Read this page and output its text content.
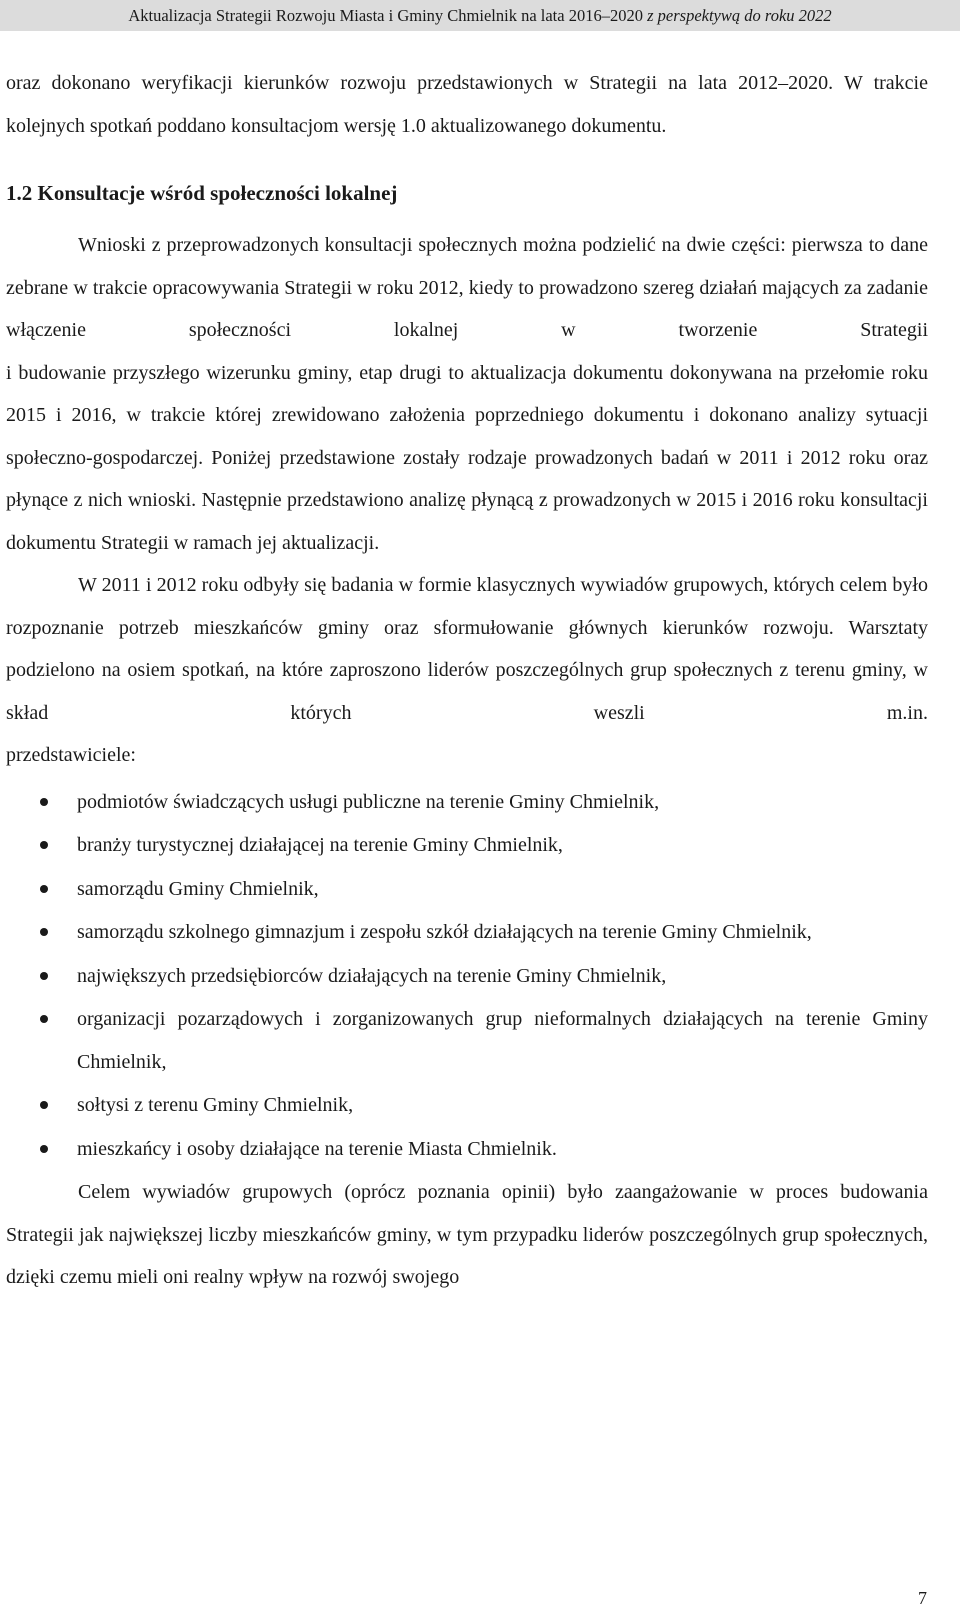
Aktualizacja Strategii Rozwoju Miasta i Gminy Chmielnik na lata 2016–2020 z perspektywą do roku 2022

oraz dokonano weryfikacji kierunków rozwoju przedstawionych w Strategii na lata 2012–2020. W trakcie kolejnych spotkań poddano konsultacjom wersję 1.0 aktualizowanego dokumentu.

1.2 Konsultacje wśród społeczności lokalnej

Wnioski z przeprowadzonych konsultacji społecznych można podzielić na dwie części: pierwsza to dane zebrane w trakcie opracowywania Strategii w roku 2012, kiedy to prowadzono szereg działań mających za zadanie włączenie społeczności lokalnej w tworzenie Strategii

i budowanie przyszłego wizerunku gminy, etap drugi to aktualizacja dokumentu dokonywana na przełomie roku 2015 i 2016, w trakcie której zrewidowano założenia poprzedniego dokumentu i dokonano analizy sytuacji społeczno-gospodarczej. Poniżej przedstawione zostały rodzaje prowadzonych badań w 2011 i 2012 roku oraz płynące z nich wnioski. Następnie przedstawiono analizę płynącą z prowadzonych w 2015 i 2016 roku konsultacji dokumentu Strategii w ramach jej aktualizacji.

W 2011 i 2012 roku odbyły się badania w formie klasycznych wywiadów grupowych, których celem było rozpoznanie potrzeb mieszkańców gminy oraz sformułowanie głównych kierunków rozwoju. Warsztaty podzielono na osiem spotkań, na które zaproszono liderów poszczególnych grup społecznych z terenu gminy, w skład których weszli m.in.

przedstawiciele:

podmiotów świadczących usługi publiczne na terenie Gminy Chmielnik,
branży turystycznej działającej na terenie Gminy Chmielnik,
samorządu Gminy Chmielnik,
samorządu szkolnego gimnazjum i zespołu szkół działających na terenie Gminy Chmielnik,
największych przedsiębiorców działających na terenie Gminy Chmielnik,
organizacji pozarządowych i zorganizowanych grup nieformalnych działających na terenie Gminy Chmielnik,
sołtysi z terenu Gminy Chmielnik,
mieszkańcy i osoby działające na terenie Miasta Chmielnik.

Celem wywiadów grupowych (oprócz poznania opinii) było zaangażowanie w proces budowania Strategii jak największej liczby mieszkańców gminy, w tym przypadku liderów poszczególnych grup społecznych, dzięki czemu mieli oni realny wpływ na rozwój swojego

7
